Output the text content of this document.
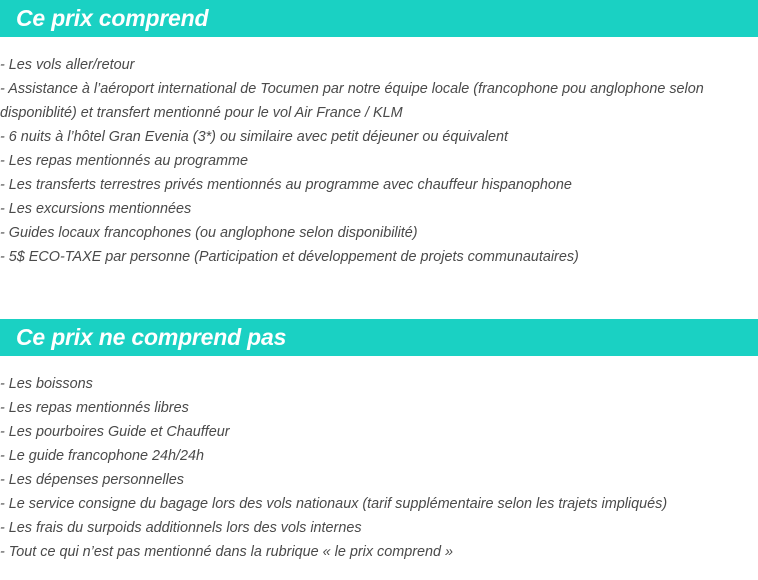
Ce prix comprend
- Les vols aller/retour
- Assistance à l’aéroport international de Tocumen par notre équipe locale (francophone pou anglophone selon disponiblité) et transfert mentionné pour le vol Air France / KLM
- 6 nuits à l’hôtel Gran Evenia (3*) ou similaire avec petit déjeuner ou équivalent
- Les repas mentionnés au programme
- Les transferts terrestres privés mentionnés au programme avec chauffeur hispanophone
- Les excursions mentionnées
- Guides locaux francophones (ou anglophone selon disponibilité)
- 5$ ECO-TAXE par personne (Participation et développement de projets communautaires)
Ce prix ne comprend pas
- Les boissons
- Les repas mentionnés libres
- Les pourboires Guide et Chauffeur
- Le guide francophone 24h/24h
- Les dépenses personnelles
- Le service consigne du bagage lors des vols nationaux (tarif supplémentaire selon les trajets impliqués)
- Les frais du surpoids additionnels lors des vols internes
- Tout ce qui n’est pas mentionné dans la rubrique « le prix comprend »
